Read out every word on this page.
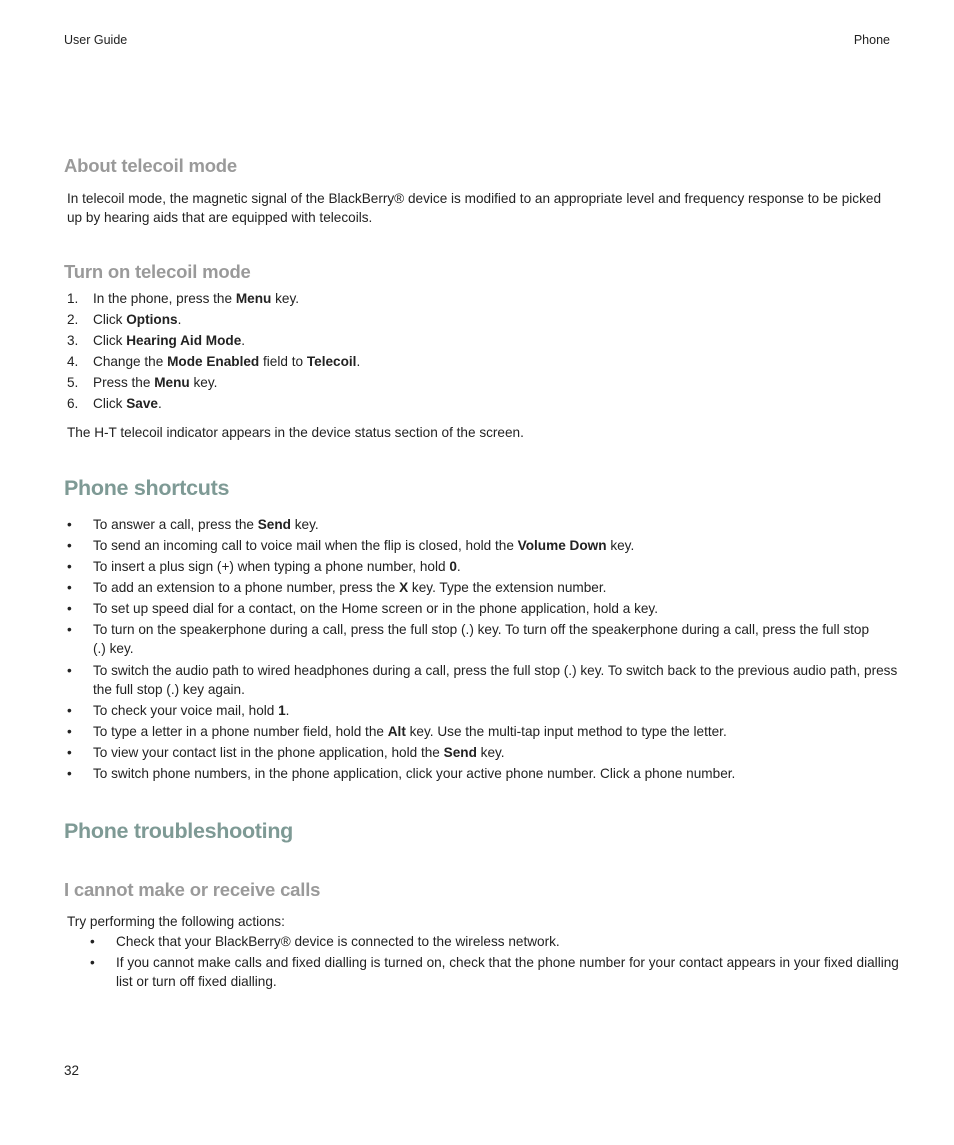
User Guide	Phone
About telecoil mode
In telecoil mode, the magnetic signal of the BlackBerry® device is modified to an appropriate level and frequency response to be picked up by hearing aids that are equipped with telecoils.
Turn on telecoil mode
1. In the phone, press the Menu key.
2. Click Options.
3. Click Hearing Aid Mode.
4. Change the Mode Enabled field to Telecoil.
5. Press the Menu key.
6. Click Save.
The H-T telecoil indicator appears in the device status section of the screen.
Phone shortcuts
• To answer a call, press the Send key.
• To send an incoming call to voice mail when the flip is closed, hold the Volume Down key.
• To insert a plus sign (+) when typing a phone number, hold 0.
• To add an extension to a phone number, press the X key. Type the extension number.
• To set up speed dial for a contact, on the Home screen or in the phone application, hold a key.
• To turn on the speakerphone during a call, press the full stop (.) key. To turn off the speakerphone during a call, press the full stop
(.) key.
• To switch the audio path to wired headphones during a call, press the full stop (.) key. To switch back to the previous audio path, press
the full stop (.) key again.
• To check your voice mail, hold 1.
• To type a letter in a phone number field, hold the Alt key. Use the multi-tap input method to type the letter.
• To view your contact list in the phone application, hold the Send key.
• To switch phone numbers, in the phone application, click your active phone number. Click a phone number.
Phone troubleshooting
I cannot make or receive calls
Try performing the following actions:
• Check that your BlackBerry® device is connected to the wireless network.
• If you cannot make calls and fixed dialling is turned on, check that the phone number for your contact appears in your fixed dialling
list or turn off fixed dialling.
32
